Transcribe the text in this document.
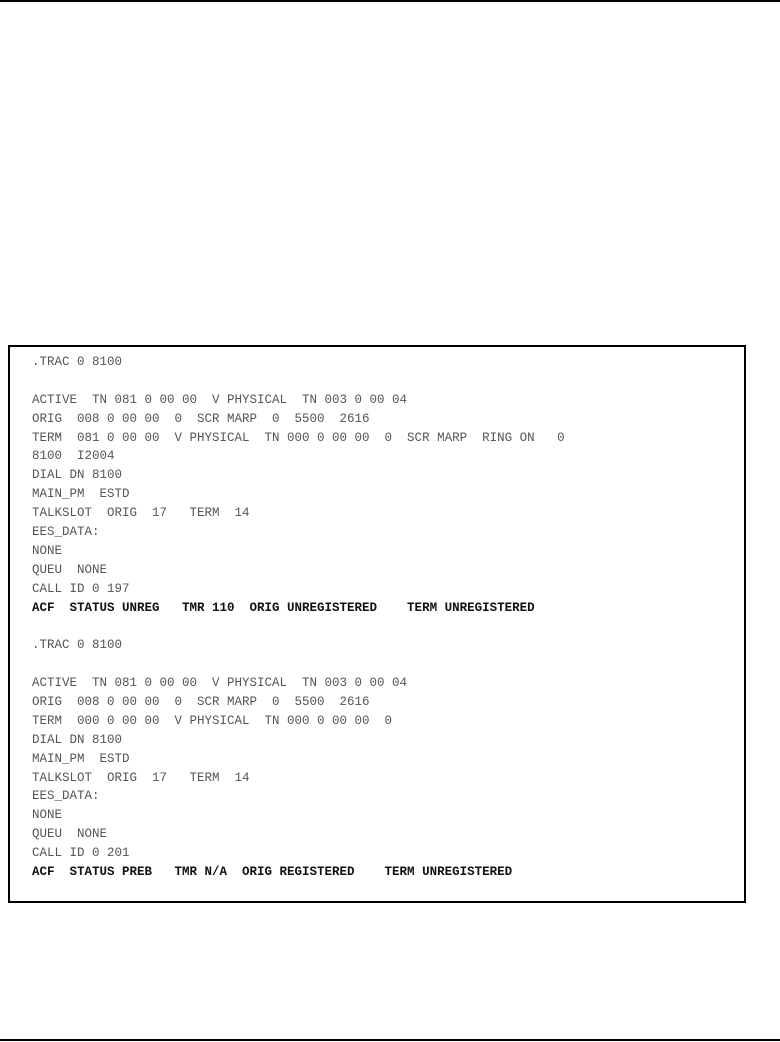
.TRAC 0 8100
ACTIVE  TN 081 0 00 00  V PHYSICAL  TN 003 0 00 04
ORIG  008 0 00 00  0  SCR MARP  0  5500  2616
TERM  081 0 00 00  V PHYSICAL  TN 000 0 00 00  0  SCR MARP  RING ON   0
8100  I2004
DIAL DN 8100
MAIN_PM  ESTD
TALKSLOT  ORIG  17   TERM  14
EES_DATA:
NONE
QUEU  NONE
CALL ID 0 197
ACF  STATUS UNREG   TMR 110  ORIG UNREGISTERED    TERM UNREGISTERED
.TRAC 0 8100
ACTIVE  TN 081 0 00 00  V PHYSICAL  TN 003 0 00 04
ORIG  008 0 00 00  0  SCR MARP  0  5500  2616
TERM  000 0 00 00  V PHYSICAL  TN 000 0 00 00  0
DIAL DN 8100
MAIN_PM  ESTD
TALKSLOT  ORIG  17   TERM  14
EES_DATA:
NONE
QUEU  NONE
CALL ID 0 201
ACF  STATUS PREB   TMR N/A  ORIG REGISTERED    TERM UNREGISTERED
